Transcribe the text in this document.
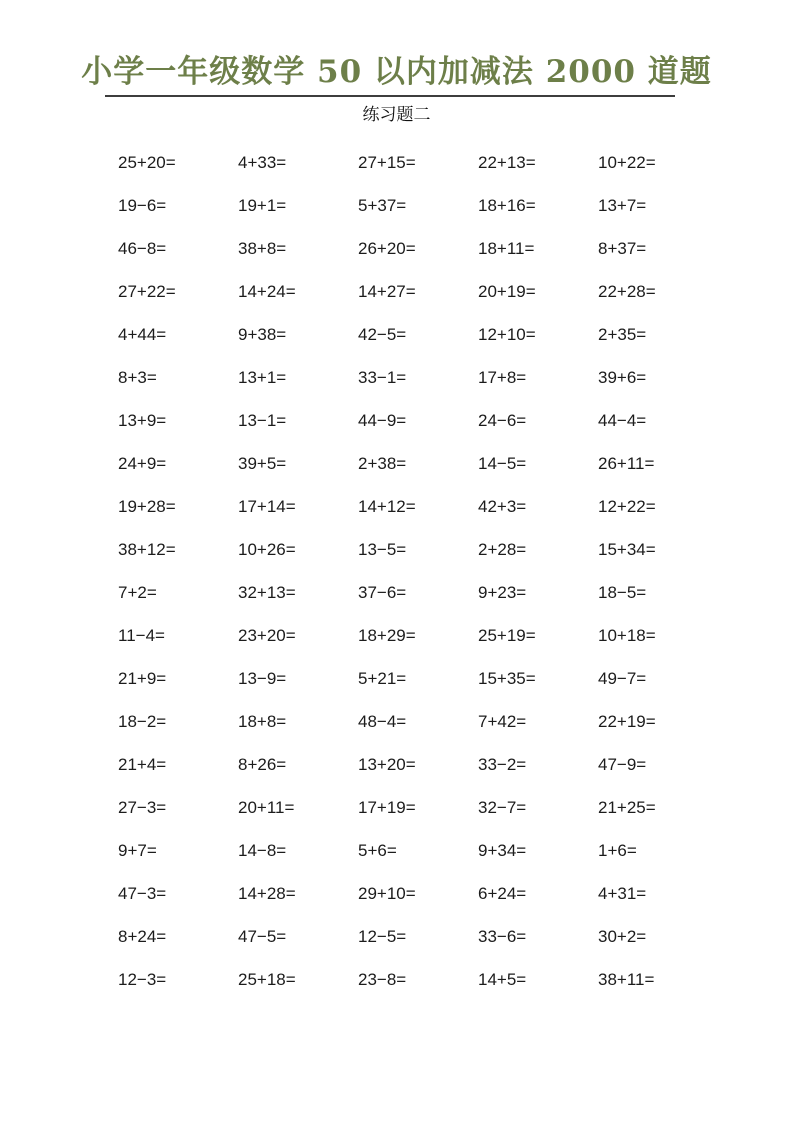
小学一年级数学 50 以内加减法 2000 道题
练习题二
25+20=	4+33=	27+15=	22+13=	10+22=
19−6=	19+1=	5+37=	18+16=	13+7=
46−8=	38+8=	26+20=	18+11=	8+37=
27+22=	14+24=	14+27=	20+19=	22+28=
4+44=	9+38=	42−5=	12+10=	2+35=
8+3=	13+1=	33−1=	17+8=	39+6=
13+9=	13−1=	44−9=	24−6=	44−4=
24+9=	39+5=	2+38=	14−5=	26+11=
19+28=	17+14=	14+12=	42+3=	12+22=
38+12=	10+26=	13−5=	2+28=	15+34=
7+2=	32+13=	37−6=	9+23=	18−5=
11−4=	23+20=	18+29=	25+19=	10+18=
21+9=	13−9=	5+21=	15+35=	49−7=
18−2=	18+8=	48−4=	7+42=	22+19=
21+4=	8+26=	13+20=	33−2=	47−9=
27−3=	20+11=	17+19=	32−7=	21+25=
9+7=	14−8=	5+6=	9+34=	1+6=
47−3=	14+28=	29+10=	6+24=	4+31=
8+24=	47−5=	12−5=	33−6=	30+2=
12−3=	25+18=	23−8=	14+5=	38+11=
